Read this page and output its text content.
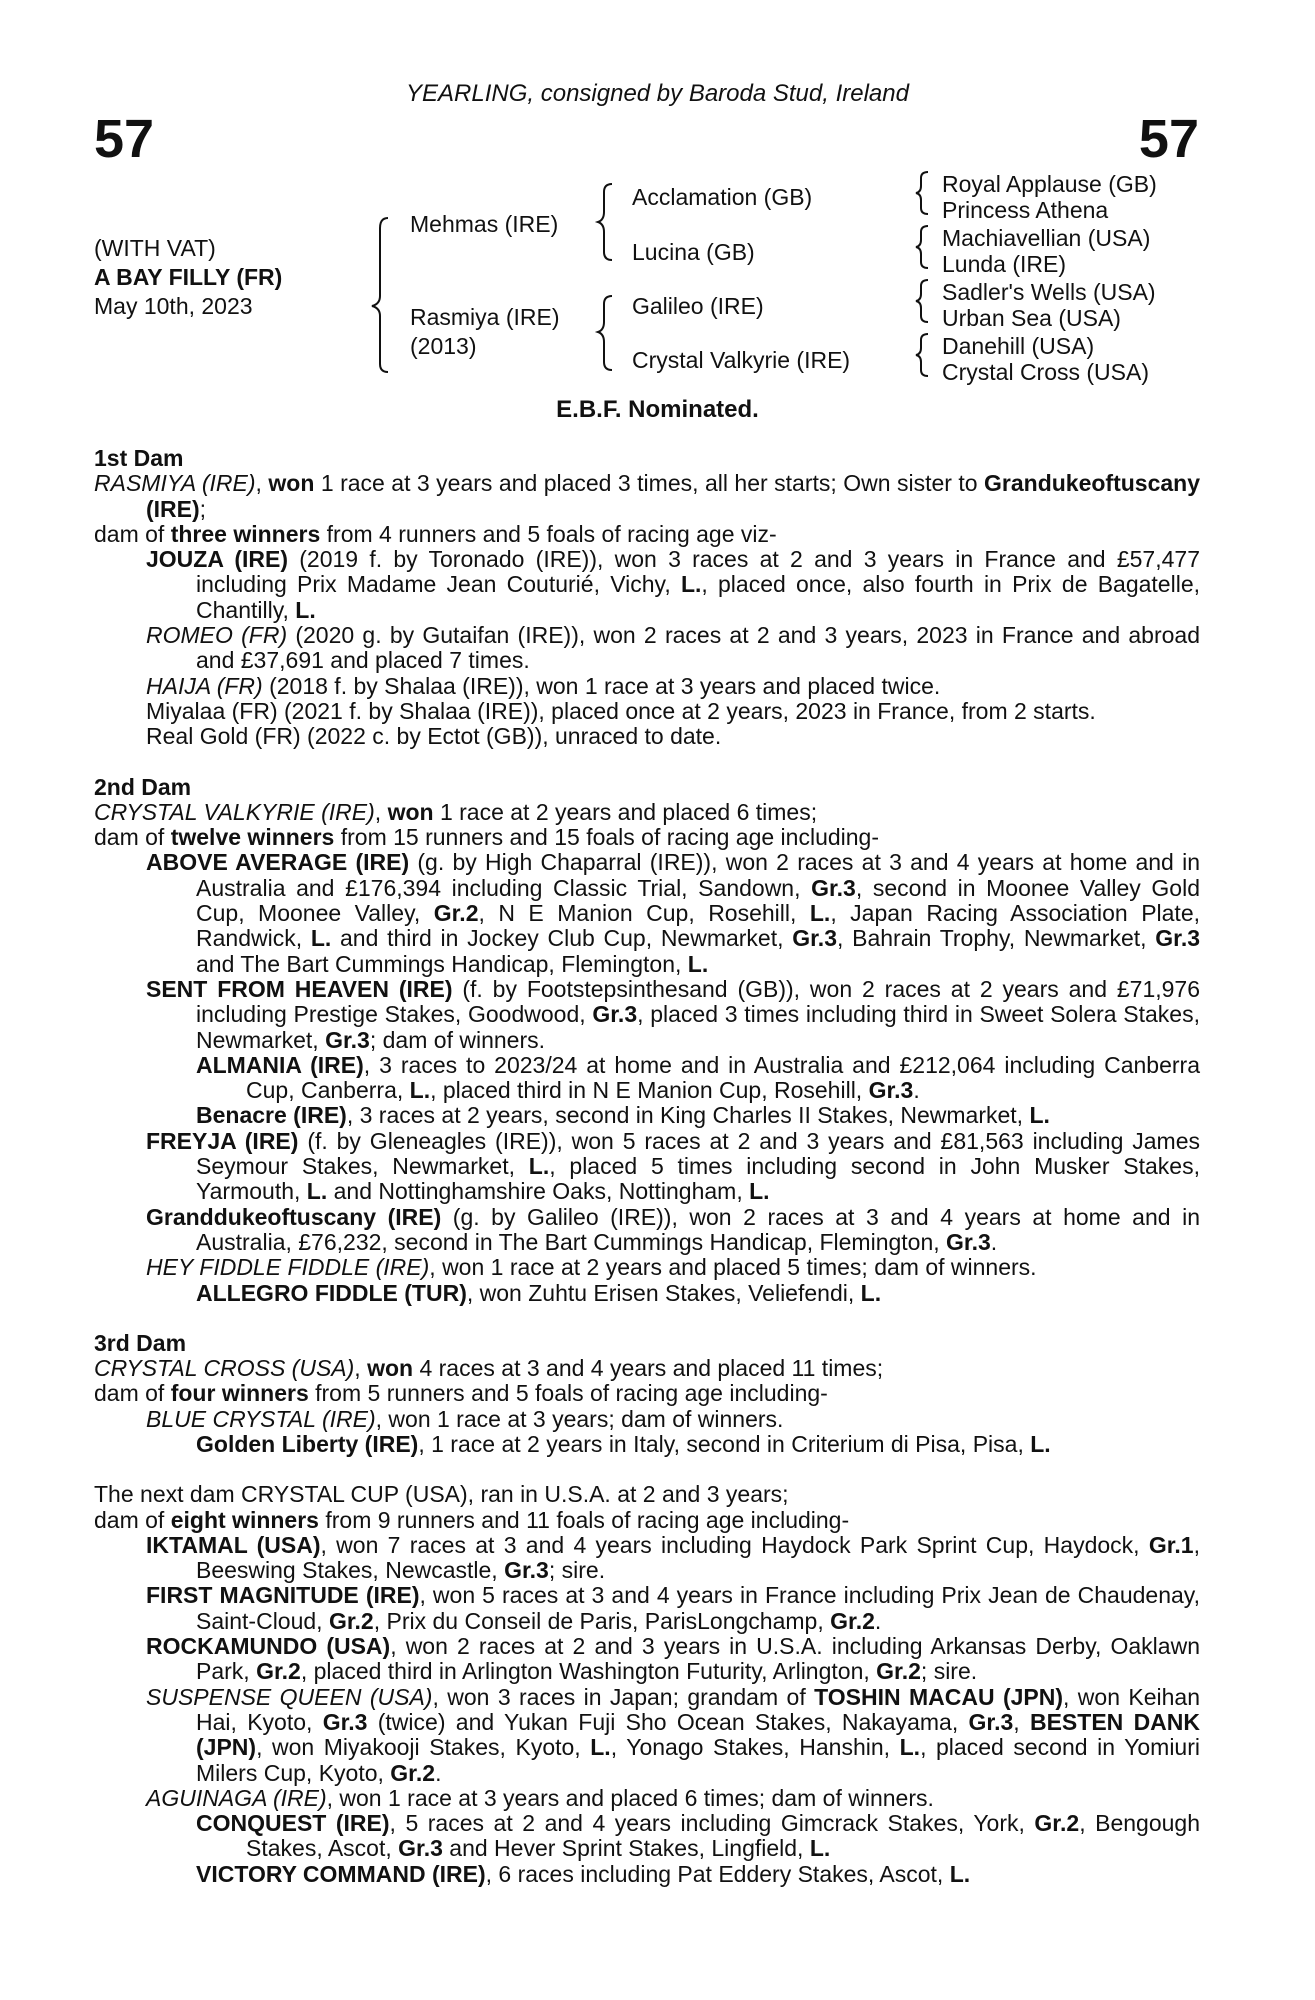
57	57
YEARLING, consigned by Baroda Stud, Ireland
(WITH VAT)
A BAY FILLY (FR)
May 10th, 2023
Mehmas (IRE)
Rasmiya (IRE)
(2013)
Acclamation (GB)
Lucina (GB)
Galileo (IRE)
Crystal Valkyrie (IRE)
Royal Applause (GB)
Princess Athena
Machiavellian (USA)
Lunda (IRE)
Sadler's Wells (USA)
Urban Sea (USA)
Danehill (USA)
Crystal Cross (USA)
E.B.F. Nominated.
1st Dam

RASMIYA (IRE), won 1 race at 3 years and placed 3 times, all her starts; Own sister to Grandukeoftuscany (IRE);

dam of three winners from 4 runners and 5 foals of racing age viz-

JOUZA (IRE) (2019 f. by Toronado (IRE)), won 3 races at 2 and 3 years in France and £57,477 including Prix Madame Jean Couturié, Vichy, L., placed once, also fourth in Prix de Bagatelle, Chantilly, L.

ROMEO (FR) (2020 g. by Gutaifan (IRE)), won 2 races at 2 and 3 years, 2023 in France and abroad and £37,691 and placed 7 times.

HAIJA (FR) (2018 f. by Shalaa (IRE)), won 1 race at 3 years and placed twice.

Miyalaa (FR) (2021 f. by Shalaa (IRE)), placed once at 2 years, 2023 in France, from 2 starts.

Real Gold (FR) (2022 c. by Ectot (GB)), unraced to date.

2nd Dam

CRYSTAL VALKYRIE (IRE), won 1 race at 2 years and placed 6 times;

dam of twelve winners from 15 runners and 15 foals of racing age including-

ABOVE AVERAGE (IRE) (g. by High Chaparral (IRE)), won 2 races at 3 and 4 years at home and in Australia and £176,394 including Classic Trial, Sandown, Gr.3, second in Moonee Valley Gold Cup, Moonee Valley, Gr.2, N E Manion Cup, Rosehill, L., Japan Racing Association Plate, Randwick, L. and third in Jockey Club Cup, Newmarket, Gr.3, Bahrain Trophy, Newmarket, Gr.3 and The Bart Cummings Handicap, Flemington, L.

SENT FROM HEAVEN (IRE) (f. by Footstepsinthesand (GB)), won 2 races at 2 years and £71,976 including Prestige Stakes, Goodwood, Gr.3, placed 3 times including third in Sweet Solera Stakes, Newmarket, Gr.3; dam of winners.

ALMANIA (IRE), 3 races to 2023/24 at home and in Australia and £212,064 including Canberra Cup, Canberra, L., placed third in N E Manion Cup, Rosehill, Gr.3.

Benacre (IRE), 3 races at 2 years, second in King Charles II Stakes, Newmarket, L.

FREYJA (IRE) (f. by Gleneagles (IRE)), won 5 races at 2 and 3 years and £81,563 including James Seymour Stakes, Newmarket, L., placed 5 times including second in John Musker Stakes, Yarmouth, L. and Nottinghamshire Oaks, Nottingham, L.

Granddukeoftuscany (IRE) (g. by Galileo (IRE)), won 2 races at 3 and 4 years at home and in Australia, £76,232, second in The Bart Cummings Handicap, Flemington, Gr.3.

HEY FIDDLE FIDDLE (IRE), won 1 race at 2 years and placed 5 times; dam of winners.

ALLEGRO FIDDLE (TUR), won Zuhtu Erisen Stakes, Veliefendi, L.

3rd Dam

CRYSTAL CROSS (USA), won 4 races at 3 and 4 years and placed 11 times;

dam of four winners from 5 runners and 5 foals of racing age including-

BLUE CRYSTAL (IRE), won 1 race at 3 years; dam of winners.

Golden Liberty (IRE), 1 race at 2 years in Italy, second in Criterium di Pisa, Pisa, L.

The next dam CRYSTAL CUP (USA), ran in U.S.A. at 2 and 3 years;

dam of eight winners from 9 runners and 11 foals of racing age including-

IKTAMAL (USA), won 7 races at 3 and 4 years including Haydock Park Sprint Cup, Haydock, Gr.1, Beeswing Stakes, Newcastle, Gr.3; sire.

FIRST MAGNITUDE (IRE), won 5 races at 3 and 4 years in France including Prix Jean de Chaudenay, Saint-Cloud, Gr.2, Prix du Conseil de Paris, ParisLongchamp, Gr.2.

ROCKAMUNDO (USA), won 2 races at 2 and 3 years in U.S.A. including Arkansas Derby, Oaklawn Park, Gr.2, placed third in Arlington Washington Futurity, Arlington, Gr.2; sire.

SUSPENSE QUEEN (USA), won 3 races in Japan; grandam of TOSHIN MACAU (JPN), won Keihan Hai, Kyoto, Gr.3 (twice) and Yukan Fuji Sho Ocean Stakes, Nakayama, Gr.3, BESTEN DANK (JPN), won Miyakooji Stakes, Kyoto, L., Yonago Stakes, Hanshin, L., placed second in Yomiuri Milers Cup, Kyoto, Gr.2.

AGUINAGA (IRE), won 1 race at 3 years and placed 6 times; dam of winners.

CONQUEST (IRE), 5 races at 2 and 4 years including Gimcrack Stakes, York, Gr.2, Bengough Stakes, Ascot, Gr.3 and Hever Sprint Stakes, Lingfield, L.

VICTORY COMMAND (IRE), 6 races including Pat Eddery Stakes, Ascot, L.
